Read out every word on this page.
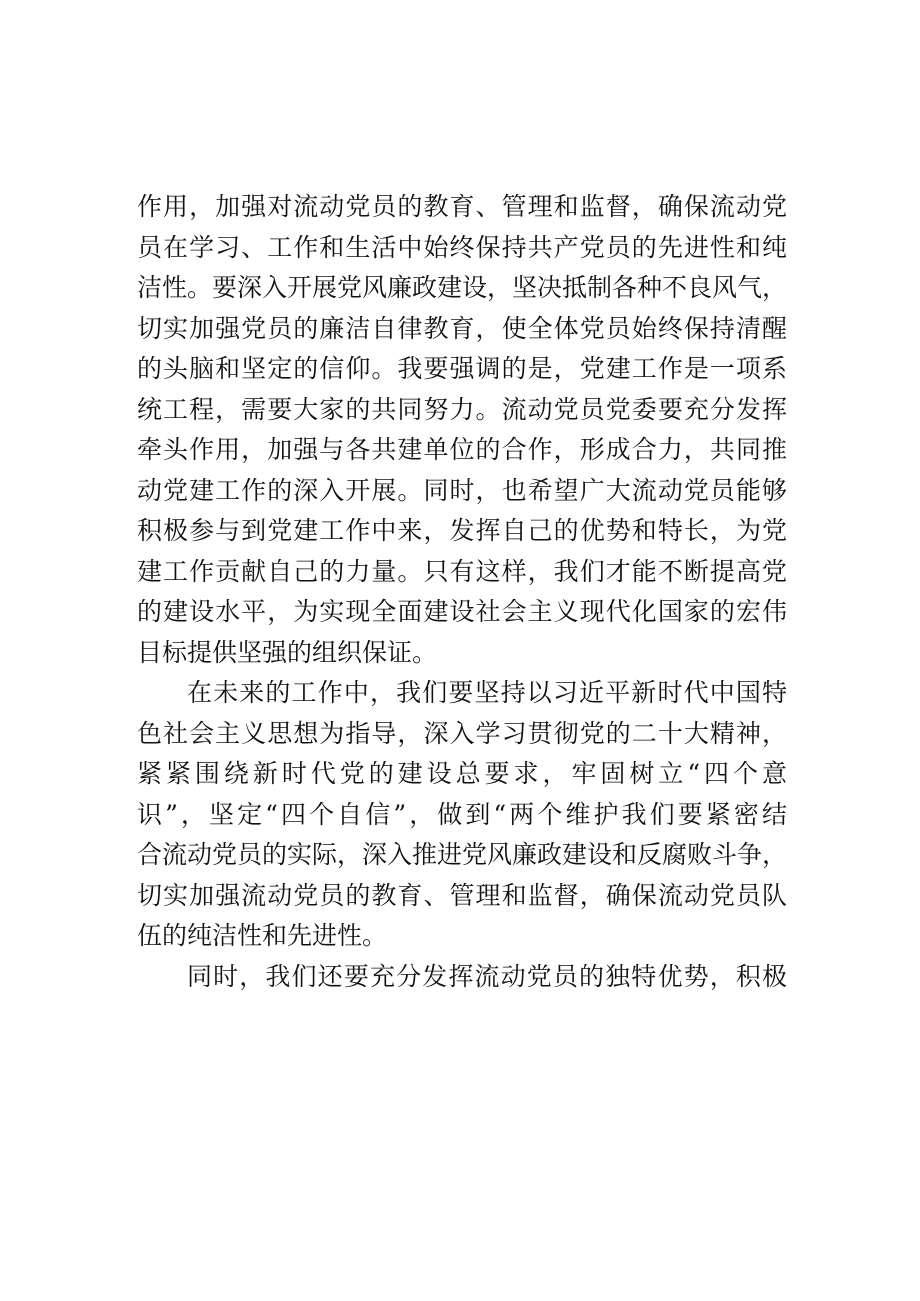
作用，加强对流动党员的教育、管理和监督，确保流动党
员在学习、工作和生活中始终保持共产党员的先进性和纯
洁性。要深入开展党风廉政建设，坚决抵制各种不良风气，
切实加强党员的廉洁自律教育，使全体党员始终保持清醒
的头脑和坚定的信仰。我要强调的是，党建工作是一项系
统工程，需要大家的共同努力。流动党员党委要充分发挥
牵头作用，加强与各共建单位的合作，形成合力，共同推
动党建工作的深入开展。同时，也希望广大流动党员能够
积极参与到党建工作中来，发挥自己的优势和特长，为党
建工作贡献自己的力量。只有这样，我们才能不断提高党
的建设水平，为实现全面建设社会主义现代化国家的宏伟
目标提供坚强的组织保证。
在未来的工作中，我们要坚持以习近平新时代中国特
色社会主义思想为指导，深入学习贯彻党的二十大精神，
紧紧围绕新时代党的建设总要求，牢固树立“四个意
识”，坚定“四个自信”，做到“两个维护我们要紧密结
合流动党员的实际，深入推进党风廉政建设和反腐败斗争，
切实加强流动党员的教育、管理和监督，确保流动党员队
伍的纯洁性和先进性。
同时，我们还要充分发挥流动党员的独特优势，积极
